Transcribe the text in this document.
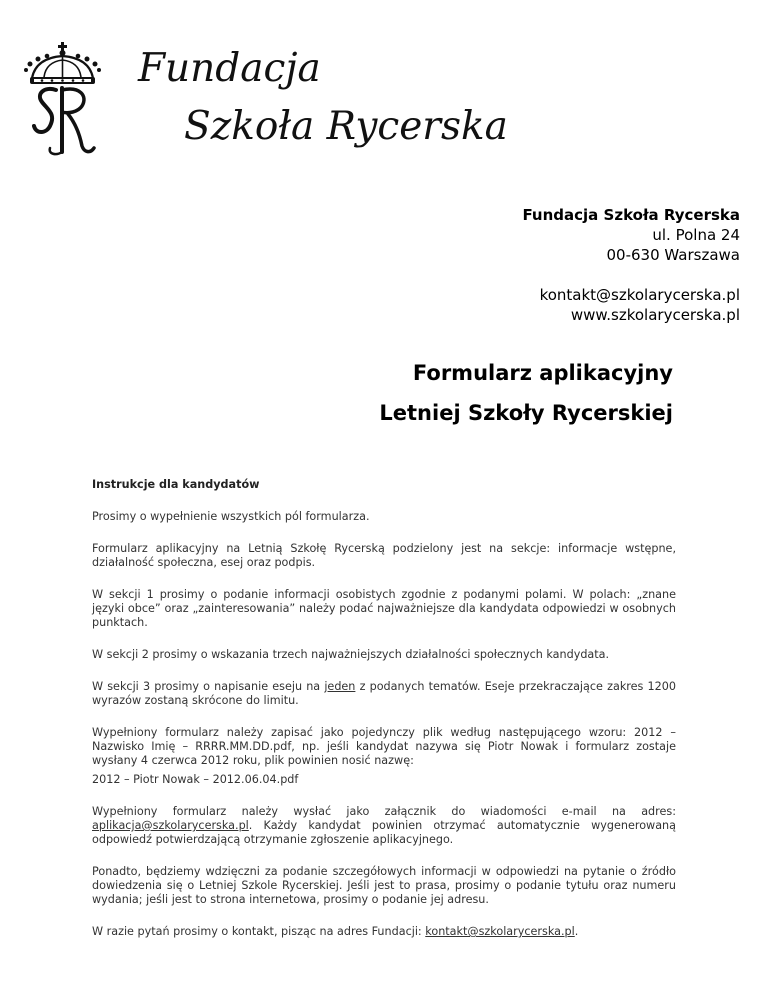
Fundacja
Szkoła Rycerska
Fundacja Szkoła Rycerska
ul. Polna 24
00-630 Warszawa
kontakt@szkolarycerska.pl
www.szkolarycerska.pl
Formularz aplikacyjny
Letniej Szkoły Rycerskiej
Instrukcje dla kandydatów

Prosimy o wypełnienie wszystkich pól formularza.

Formularz aplikacyjny na Letnią Szkołę Rycerską podzielony jest na sekcje: informacje wstępne, działalność społeczna, esej oraz podpis.

W sekcji 1 prosimy o podanie informacji osobistych zgodnie z podanymi polami. W polach: „znane języki obce” oraz „zainteresowania” należy podać najważniejsze dla kandydata odpowiedzi w osobnych punktach.

W sekcji 2 prosimy o wskazania trzech najważniejszych działalności społecznych kandydata.

W sekcji 3 prosimy o napisanie eseju na jeden z podanych tematów. Eseje przekraczające zakres 1200 wyrazów zostaną skrócone do limitu.

Wypełniony formularz należy zapisać jako pojedynczy plik według następującego wzoru: 2012 – Nazwisko Imię – RRRR.MM.DD.pdf, np. jeśli kandydat nazywa się Piotr Nowak i formularz zostaje wysłany 4 czerwca 2012 roku, plik powinien nosić nazwę:

2012 – Piotr Nowak – 2012.06.04.pdf

Wypełniony formularz należy wysłać jako załącznik do wiadomości e-mail na adres: aplikacja@szkolarycerska.pl. Każdy kandydat powinien otrzymać automatycznie wygenerowaną odpowiedź potwierdzającą otrzymanie zgłoszenie aplikacyjnego.

Ponadto, będziemy wdzięczni za podanie szczegółowych informacji w odpowiedzi na pytanie o źródło dowiedzenia się o Letniej Szkole Rycerskiej. Jeśli jest to prasa, prosimy o podanie tytułu oraz numeru wydania; jeśli jest to strona internetowa, prosimy o podanie jej adresu.

W razie pytań prosimy o kontakt, pisząc na adres Fundacji: kontakt@szkolarycerska.pl.
